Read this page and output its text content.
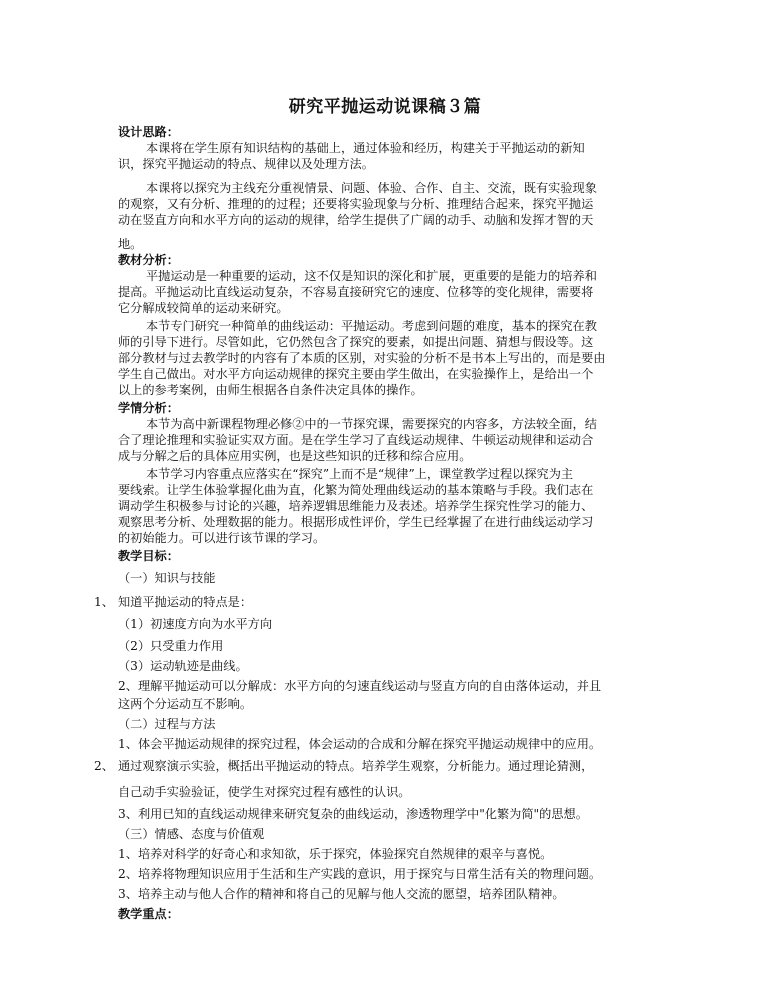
研究平抛运动说课稿３篇
设计思路：
本课将在学生原有知识结构的基础上，通过体验和经历，构建关于平抛运动的新知
识，探究平抛运动的特点、规律以及处理方法。
本课将以探究为主线充分重视情景、问题、体验、合作、自主、交流，既有实验现象
的观察，又有分析、推理的的过程；还要将实验现象与分析、推理结合起来，探究平抛运
动在竖直方向和水平方向的运动的规律，给学生提供了广阔的动手、动脑和发挥才智的天
地。
教材分析：
平抛运动是一种重要的运动，这不仅是知识的深化和扩展，更重要的是能力的培养和
提高。平抛运动比直线运动复杂，不容易直接研究它的速度、位移等的变化规律，需要将
它分解成较简单的运动来研究。
本节专门研究一种简单的曲线运动：平抛运动。考虑到问题的难度，基本的探究在教
师的引导下进行。尽管如此，它仍然包含了探究的要素，如提出问题、猜想与假设等。这
部分教材与过去教学时的内容有了本质的区别，对实验的分析不是书本上写出的，而是要由
学生自己做出。对水平方向运动规律的探究主要由学生做出，在实验操作上，是给出一个
以上的参考案例，由师生根据各自条件决定具体的操作。
学情分析：
本节为高中新课程物理必修②中的一节探究课，需要探究的内容多，方法较全面，结
合了理论推理和实验证实双方面。是在学生学习了直线运动规律、牛顿运动规律和运动合
成与分解之后的具体应用实例，也是这些知识的迁移和综合应用。
本节学习内容重点应落实在“探究”上而不是“规律”上，课堂教学过程以探究为主
要线索。让学生体验掌握化曲为直，化繁为简处理曲线运动的基本策略与手段。我们志在
调动学生积极参与讨论的兴趣，培养逻辑思维能力及表述。培养学生探究性学习的能力、
观察思考分析、处理数据的能力。根据形成性评价，学生已经掌握了在进行曲线运动学习
的初始能力。可以进行该节课的学习。
教学目标：
（一）知识与技能
1、 知道平抛运动的特点是：
（1）初速度方向为水平方向
（2）只受重力作用
（3）运动轨迹是曲线。
2、理解平抛运动可以分解成：水平方向的匀速直线运动与竖直方向的自由落体运动，并且
这两个分运动互不影响。
（二）过程与方法
1、体会平抛运动规律的探究过程，体会运动的合成和分解在探究平抛运动规律中的应用。
2、 通过观察演示实验，概括出平抛运动的特点。培养学生观察，分析能力。通过理论猜测，
自己动手实验验证，使学生对探究过程有感性的认识。
3、利用已知的直线运动规律来研究复杂的曲线运动，渗透物理学中"化繁为简"的思想。
（三）情感、态度与价值观
1、培养对科学的好奇心和求知欲，乐于探究，体验探究自然规律的艰辛与喜悦。
2、培养将物理知识应用于生活和生产实践的意识，用于探究与日常生活有关的物理问题。
3、培养主动与他人合作的精神和将自己的见解与他人交流的愿望，培养团队精神。
教学重点：
